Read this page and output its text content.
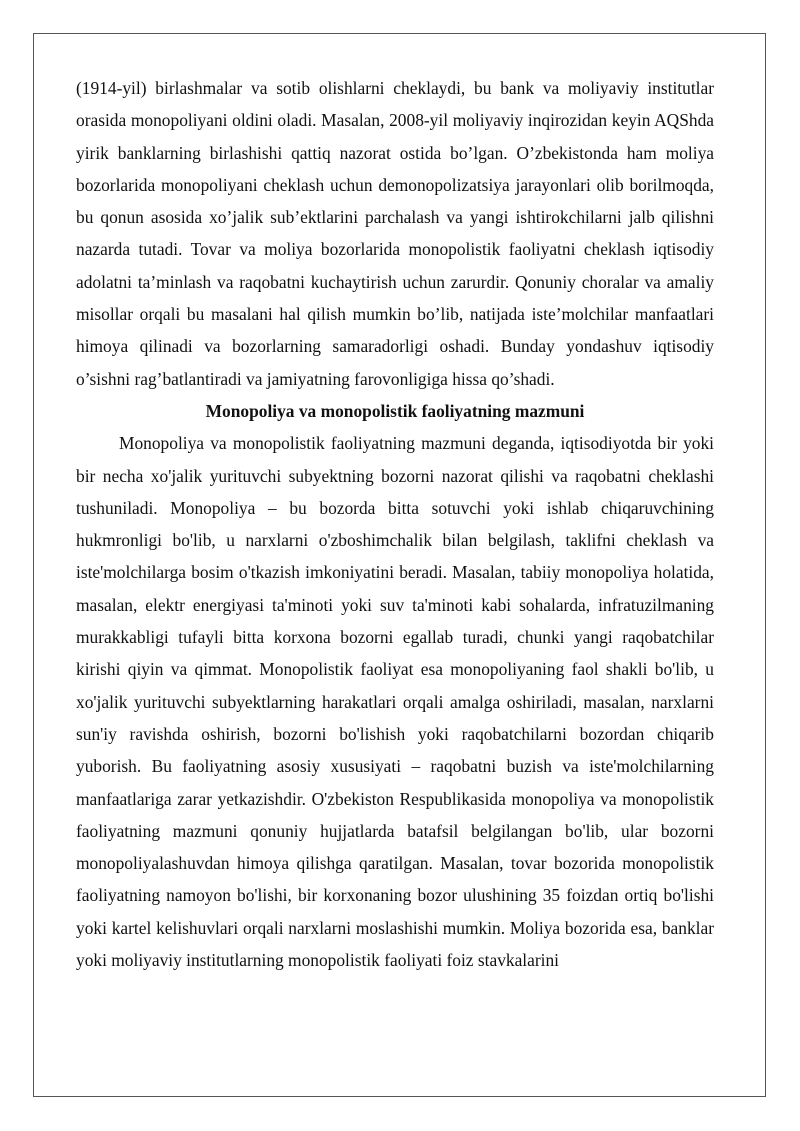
(1914-yil) birlashmalar va sotib olishlarni cheklaydi, bu bank va moliyaviy institutlar orasida monopoliyani oldini oladi. Masalan, 2008-yil moliyaviy inqirozidan keyin AQShda yirik banklarning birlashishi qattiq nazorat ostida bo’lgan. O’zbekistonda ham moliya bozorlarida monopoliyani cheklash uchun demonopolizatsiya jarayonlari olib borilmoqda, bu qonun asosida xo’jalik sub’ektlarini parchalash va yangi ishtirokchilarni jalb qilishni nazarda tutadi. Tovar va moliya bozorlarida monopolistik faoliyatni cheklash iqtisodiy adolatni ta’minlash va raqobatni kuchaytirish uchun zarurdir. Qonuniy choralar va amaliy misollar orqali bu masalani hal qilish mumkin bo’lib, natijada iste’molchilar manfaatlari himoya qilinadi va bozorlarning samaradorligi oshadi. Bunday yondashuv iqtisodiy o’sishni rag’batlantiradi va jamiyatning farovonligiga hissa qo’shadi.

Monopoliya va monopolistik faoliyatning mazmuni

Monopoliya va monopolistik faoliyatning mazmuni deganda, iqtisodiyotda bir yoki bir necha xo'jalik yurituvchi subyektning bozorni nazorat qilishi va raqobatni cheklashi tushuniladi. Monopoliya – bu bozorda bitta sotuvchi yoki ishlab chiqaruvchining hukmronligi bo'lib, u narxlarni o'zboshimchalik bilan belgilash, taklifni cheklash va iste'molchilarga bosim o'tkazish imkoniyatini beradi. Masalan, tabiiy monopoliya holatida, masalan, elektr energiyasi ta'minoti yoki suv ta'minoti kabi sohalarda, infratuzilmaning murakkabligi tufayli bitta korxona bozorni egallab turadi, chunki yangi raqobatchilar kirishi qiyin va qimmat. Monopolistik faoliyat esa monopoliyaning faol shakli bo'lib, u xo'jalik yurituvchi subyektlarning harakatlari orqali amalga oshiriladi, masalan, narxlarni sun'iy ravishda oshirish, bozorni bo'lishish yoki raqobatchilarni bozordan chiqarib yuborish. Bu faoliyatning asosiy xususiyati – raqobatni buzish va iste'molchilarning manfaatlariga zarar yetkazishdir. O'zbekiston Respublikasida monopoliya va monopolistik faoliyatning mazmuni qonuniy hujjatlarda batafsil belgilangan bo'lib, ular bozorni monopoliyalashuvdan himoya qilishga qaratilgan. Masalan, tovar bozorida monopolistik faoliyatning namoyon bo'lishi, bir korxonaning bozor ulushining 35 foizdan ortiq bo'lishi yoki kartel kelishuvlari orqali narxlarni moslashishi mumkin. Moliya bozorida esa, banklar yoki moliyaviy institutlarning monopolistik faoliyati foiz stavkalarini
